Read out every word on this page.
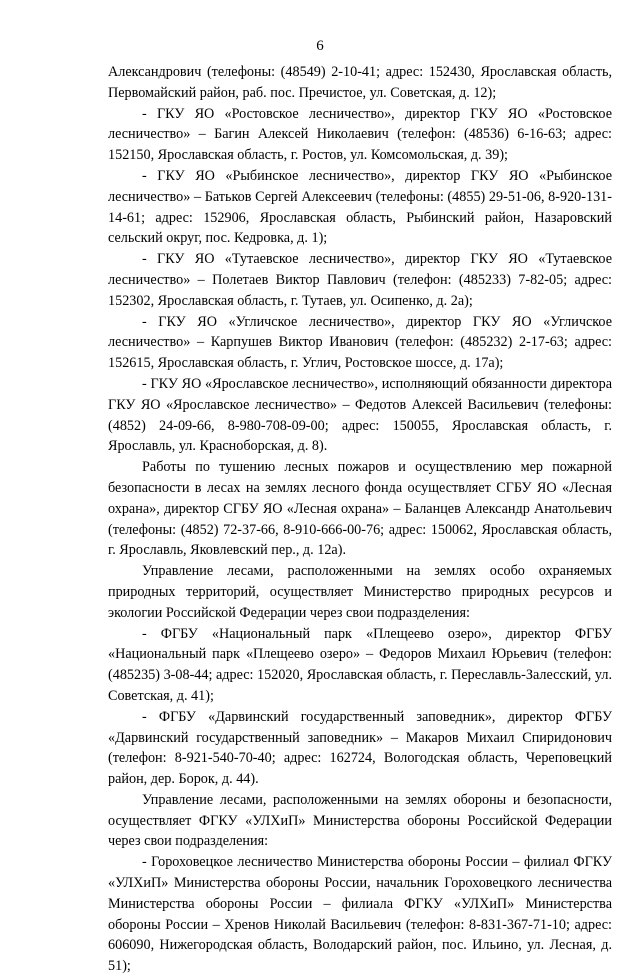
6

Александрович (телефоны: (48549) 2-10-41; адрес: 152430, Ярославская область, Первомайский район, раб. пос. Пречистое, ул. Советская, д. 12);

- ГКУ ЯО «Ростовское лесничество», директор ГКУ ЯО «Ростовское лесничество» – Багин Алексей Николаевич (телефон: (48536) 6-16-63; адрес: 152150, Ярославская область, г. Ростов, ул. Комсомольская, д. 39);

- ГКУ ЯО «Рыбинское лесничество», директор ГКУ ЯО «Рыбинское лесничество» – Батьков Сергей Алексеевич (телефоны: (4855) 29-51-06, 8-920-131-14-61; адрес: 152906, Ярославская область, Рыбинский район, Назаровский сельский округ, пос. Кедровка, д. 1);

- ГКУ ЯО «Тутаевское лесничество», директор ГКУ ЯО «Тутаевское лесничество» – Полетаев Виктор Павлович (телефон: (485233) 7-82-05; адрес: 152302, Ярославская область, г. Тутаев, ул. Осипенко, д. 2а);

- ГКУ ЯО «Угличское лесничество», директор ГКУ ЯО «Угличское лесничество» – Карпушев Виктор Иванович (телефон: (485232) 2-17-63; адрес: 152615, Ярославская область, г. Углич, Ростовское шоссе, д. 17а);

- ГКУ ЯО «Ярославское лесничество», исполняющий обязанности директора ГКУ ЯО «Ярославское лесничество» – Федотов Алексей Васильевич (телефоны: (4852) 24-09-66, 8-980-708-09-00; адрес: 150055, Ярославская область, г. Ярославль, ул. Красноборская, д. 8).

Работы по тушению лесных пожаров и осуществлению мер пожарной безопасности в лесах на землях лесного фонда осуществляет СГБУ ЯО «Лесная охрана», директор СГБУ ЯО «Лесная охрана» – Баланцев Александр Анатольевич (телефоны: (4852) 72-37-66, 8-910-666-00-76; адрес: 150062, Ярославская область, г. Ярославль, Яковлевский пер., д. 12а).

Управление лесами, расположенными на землях особо охраняемых природных территорий, осуществляет Министерство природных ресурсов и экологии Российской Федерации через свои подразделения:

- ФГБУ «Национальный парк «Плещеево озеро», директор ФГБУ «Национальный парк «Плещеево озеро» – Федоров Михаил Юрьевич (телефон: (485235) 3-08-44; адрес: 152020, Ярославская область, г. Переславль-Залесский, ул. Советская, д. 41);

- ФГБУ «Дарвинский государственный заповедник», директор ФГБУ «Дарвинский государственный заповедник» – Макаров Михаил Спиридонович (телефон: 8-921-540-70-40; адрес: 162724, Вологодская область, Череповецкий район, дер. Борок, д. 44).

Управление лесами, расположенными на землях обороны и безопасности, осуществляет ФГКУ «УЛХиП» Министерства обороны Российской Федерации через свои подразделения:

- Гороховецкое лесничество Министерства обороны России – филиал ФГКУ «УЛХиП» Министерства обороны России, начальник Гороховецкого лесничества Министерства обороны России – филиала ФГКУ «УЛХиП» Министерства обороны России – Хренов Николай Васильевич (телефон: 8-831-367-71-10; адрес: 606090, Нижегородская область, Володарский район, пос. Ильино, ул. Лесная, д. 51);
